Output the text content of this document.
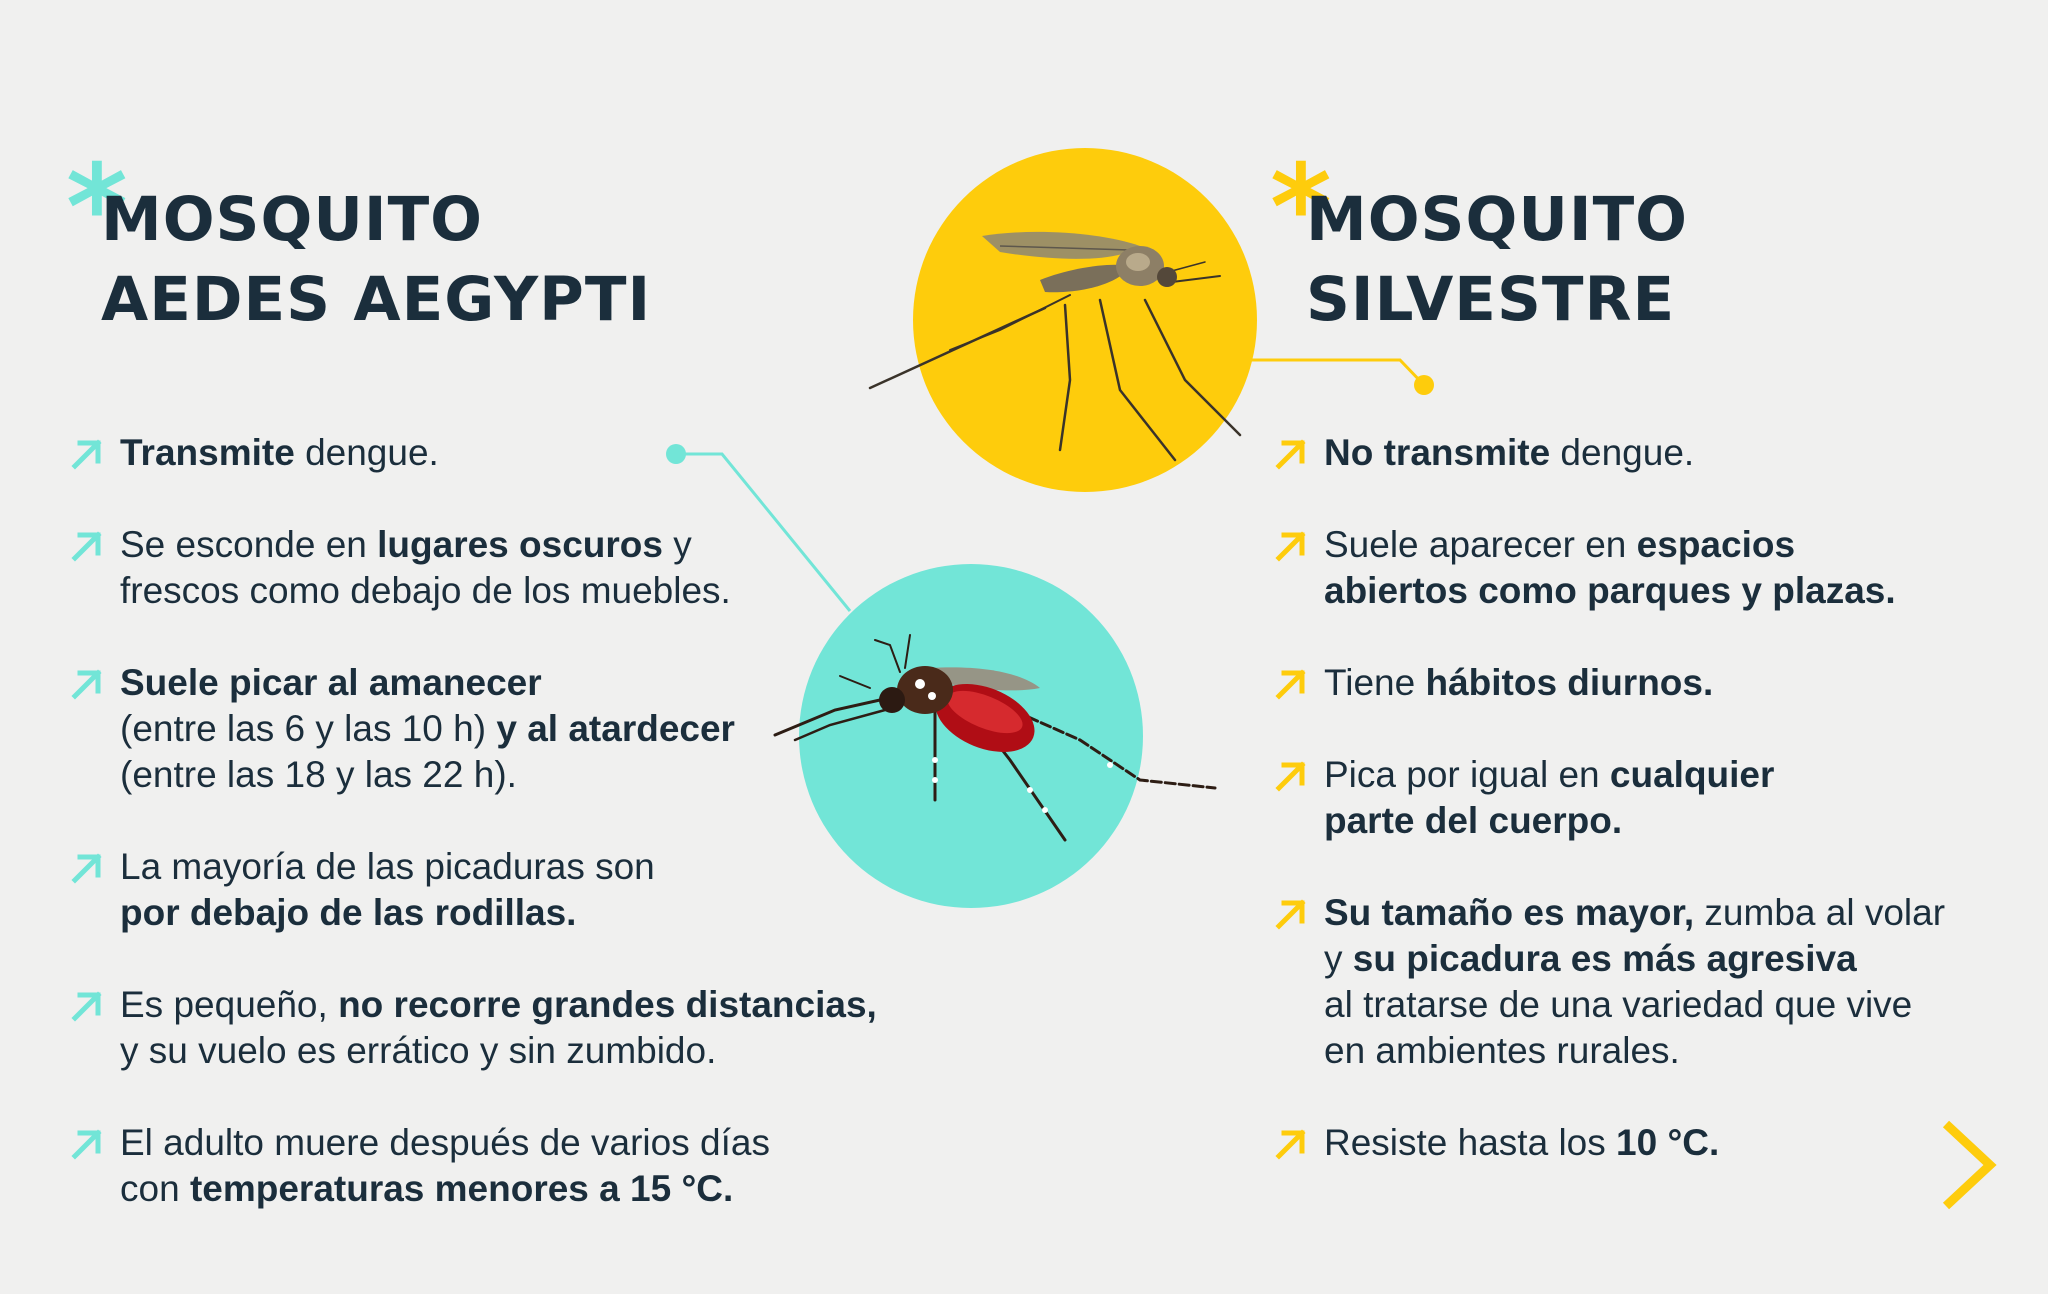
*
MOSQUITO
AEDES AEGYPTI
Transmite dengue.
Se esconde en lugares oscuros y
frescos como debajo de los muebles.
Suele picar al amanecer
(entre las 6 y las 10 h) y al atardecer
(entre las 18 y las 22 h).
La mayoría de las picaduras son
por debajo de las rodillas.
Es pequeño, no recorre grandes distancias,
y su vuelo es errático y sin zumbido.
El adulto muere después de varios días
con temperaturas menores a 15 °C.
*
MOSQUITO
SILVESTRE
No transmite dengue.
Suele aparecer en espacios
abiertos como parques y plazas.
Tiene hábitos diurnos.
Pica por igual en cualquier
parte del cuerpo.
Su tamaño es mayor, zumba al volar
y su picadura es más agresiva
al tratarse de una variedad que vive
en ambientes rurales.
Resiste hasta los 10 °C.
